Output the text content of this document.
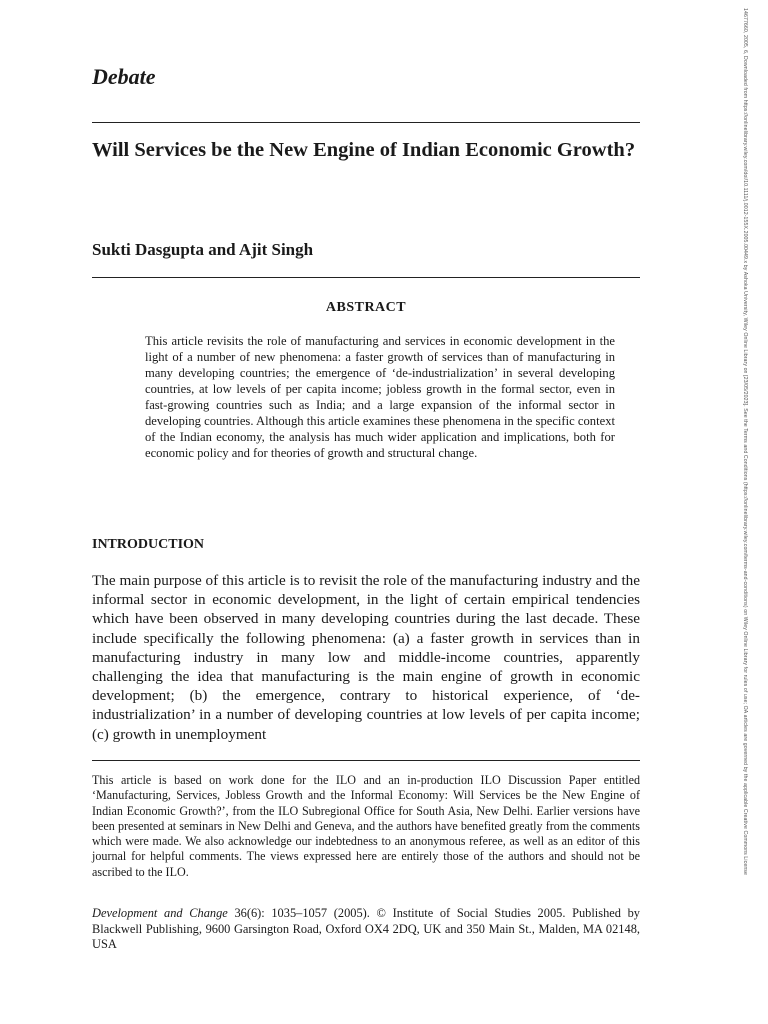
Debate
Will Services be the New Engine of Indian Economic Growth?
Sukti Dasgupta and Ajit Singh
ABSTRACT
This article revisits the role of manufacturing and services in economic development in the light of a number of new phenomena: a faster growth of services than of manufacturing in many developing countries; the emergence of ‘de-industrialization’ in several developing countries, at low levels of per capita income; jobless growth in the formal sector, even in fast-growing countries such as India; and a large expansion of the informal sector in developing countries. Although this article examines these phenomena in the specific context of the Indian economy, the analysis has much wider application and implications, both for economic policy and for theories of growth and structural change.
INTRODUCTION
The main purpose of this article is to revisit the role of the manufacturing industry and the informal sector in economic development, in the light of certain empirical tendencies which have been observed in many developing countries during the last decade. These include specifically the following phenomena: (a) a faster growth in services than in manufacturing industry in many low and middle-income countries, apparently challenging the idea that manufacturing is the main engine of growth in economic development; (b) the emergence, contrary to historical experience, of ‘de-industrialization’ in a number of developing countries at low levels of per capita income; (c) growth in unemployment
This article is based on work done for the ILO and an in-production ILO Discussion Paper entitled ‘Manufacturing, Services, Jobless Growth and the Informal Economy: Will Services be the New Engine of Indian Economic Growth?’, from the ILO Subregional Office for South Asia, New Delhi. Earlier versions have been presented at seminars in New Delhi and Geneva, and the authors have benefited greatly from the comments which were made. We also acknowledge our indebtedness to an anonymous referee, as well as an editor of this journal for helpful comments. The views expressed here are entirely those of the authors and should not be ascribed to the ILO.
Development and Change 36(6): 1035–1057 (2005). © Institute of Social Studies 2005. Published by Blackwell Publishing, 9600 Garsington Road, Oxford OX4 2DQ, UK and 350 Main St., Malden, MA 02148, USA
14677660, 2005, 6, Downloaded from https://onlinelibrary.wiley.com/doi/10.1111/j.0012-155X.2005.00449.x by Ashoka University, Wiley Online Library on [23/05/2023]. See the Terms and Conditions (https://onlinelibrary.wiley.com/terms-and-conditions) on Wiley Online Library for rules of use; OA articles are governed by the applicable Creative Commons License
